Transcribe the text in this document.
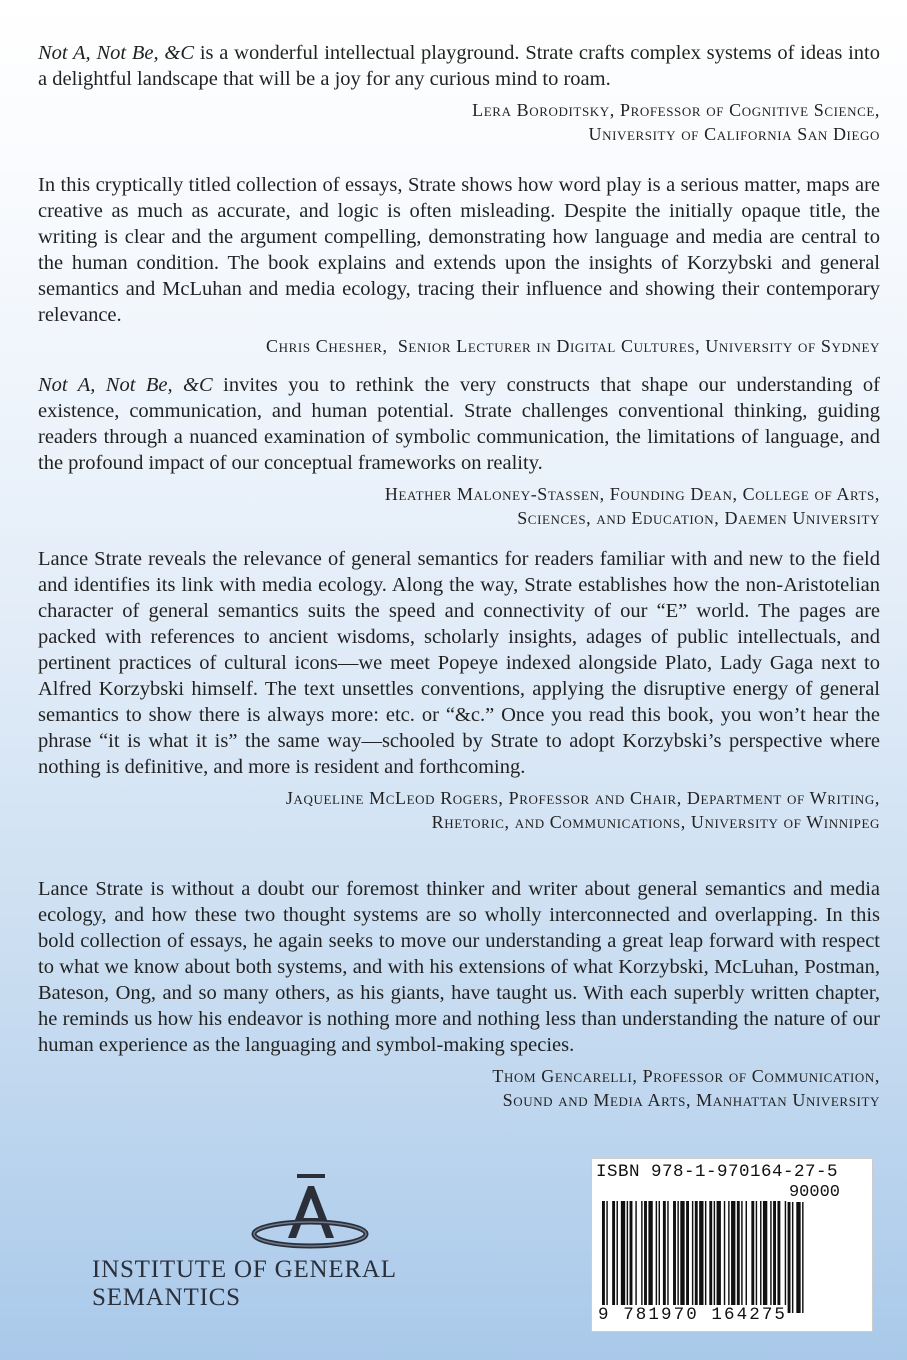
Not A, Not Be, &C is a wonderful intellectual playground. Strate crafts complex systems of ideas into a delightful landscape that will be a joy for any curious mind to roam.

Lera Boroditsky, Professor of Cognitive Science,
University of California San Diego

In this cryptically titled collection of essays, Strate shows how word play is a serious matter, maps are creative as much as accurate, and logic is often misleading. Despite the initially opaque title, the writing is clear and the argument compelling, demonstrating how language and media are central to the human condition. The book explains and extends upon the insights of Korzybski and general semantics and McLuhan and media ecology, tracing their influence and showing their contemporary relevance.

Chris Chesher,  Senior Lecturer in Digital Cultures, University of Sydney

Not A, Not Be, &C invites you to rethink the very constructs that shape our understanding of existence, communication, and human potential. Strate challenges conventional thinking, guiding readers through a nuanced examination of symbolic communication, the limitations of language, and the profound impact of our conceptual frameworks on reality.

Heather Maloney-Stassen, Founding Dean, College of Arts,
Sciences, and Education, Daemen University

Lance Strate reveals the relevance of general semantics for readers familiar with and new to the field and identifies its link with media ecology. Along the way, Strate establishes how the non-Aristotelian character of general semantics suits the speed and connectivity of our “E” world. The pages are packed with references to ancient wisdoms, scholarly insights, adages of public intellectuals, and pertinent practices of cultural icons—we meet Popeye indexed alongside Plato, Lady Gaga next to Alfred Korzybski himself. The text unsettles conventions, applying the disruptive energy of general semantics to show there is always more: etc. or “&c.” Once you read this book, you won’t hear the phrase “it is what it is” the same way—schooled by Strate to adopt Korzybski’s perspective where nothing is definitive, and more is resident and forthcoming.

Jaqueline McLeod Rogers, Professor and Chair, Department of Writing,
Rhetoric, and Communications, University of Winnipeg

Lance Strate is without a doubt our foremost thinker and writer about general semantics and media ecology, and how these two thought systems are so wholly interconnected and overlapping. In this bold collection of essays, he again seeks to move our understanding a great leap forward with respect to what we know about both systems, and with his extensions of what Korzybski, McLuhan, Postman, Bateson, Ong, and so many others, as his giants, have taught us. With each superbly written chapter, he reminds us how his endeavor is nothing more and nothing less than understanding the nature of our human experience as the languaging and symbol-making species.

Thom Gencarelli, Professor of Communication,
Sound and Media Arts, Manhattan University
INSTITUTE OF GENERAL SEMANTICS
ISBN 978-1-970164-27-5
90000
9 781970 164275
